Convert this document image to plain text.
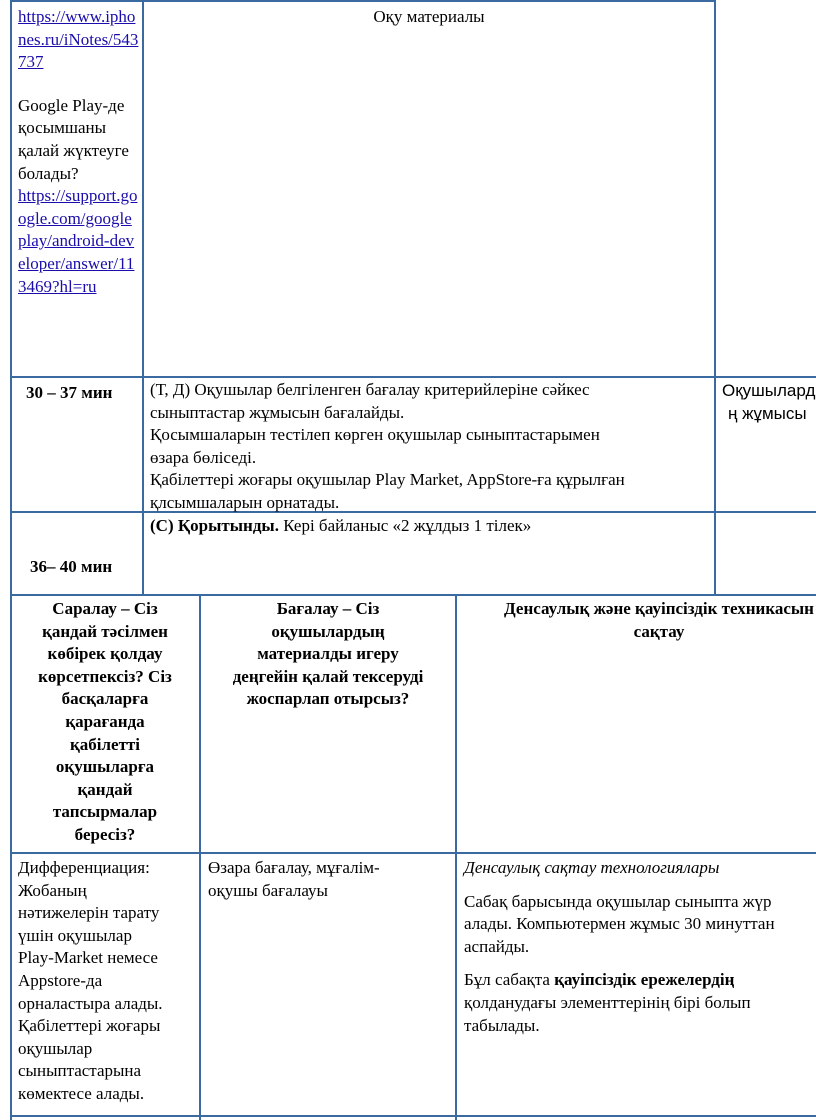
https://www.iphones.ru/iNotes/543737
Google Play-де қосымшаны қалай жүктеуге болады?
https://support.google.com/googleplay/android-developer/answer/113469?hl=ru
Оқу материалы
30 – 37 мин (Т, Д) Оқушылар белгіленген бағалау критерийлеріне сәйкес
сыныптастар жұмысын бағалайды.
Қосымшаларын тестілеп көрген оқушылар сыныптастарымен
өзара бөліседі.
Қабілеттері жоғары оқушылар Play Market, AppStore-ға құрылған
қлсымшаларын орнатады.
Оқушылард
ң жұмысы
36– 40 мин
(С) Қорытынды. Кері байланыс «2 жұлдыз 1 тілек»
Саралау – Сіз
қандай тәсілмен
көбірек қолдау
көрсетпексіз? Сіз
басқаларға
қарағанда
қабілетті
оқушыларға
қандай
тапсырмалар
бересіз?
Бағалау – Сіз
оқушылардың
материалды игеру
деңгейін қалай тексеруді
жоспарлап отырсыз?
Денсаулық және қауіпсіздік техникасын
сақтау
Дифференциация:
Жобаның
нәтижелерін тарату
үшін оқушылар
Play-Market немесе
Appstore-да
орналастыра алады.
Қабілеттері жоғары
оқушылар
сыныптастарына
көмектесе алады.
Өзара бағалау, мұғалім-
оқушы бағалауы
Денсаулық сақтау технологиялары
Сабақ барысында оқушылар сыныпта жүр
алады. Компьютермен жұмыс 30 минуттан
аспайды.
Бұл сабақта қауіпсіздік ережелердің
қолданудағы элементтерінің бірі болып
табылады.
